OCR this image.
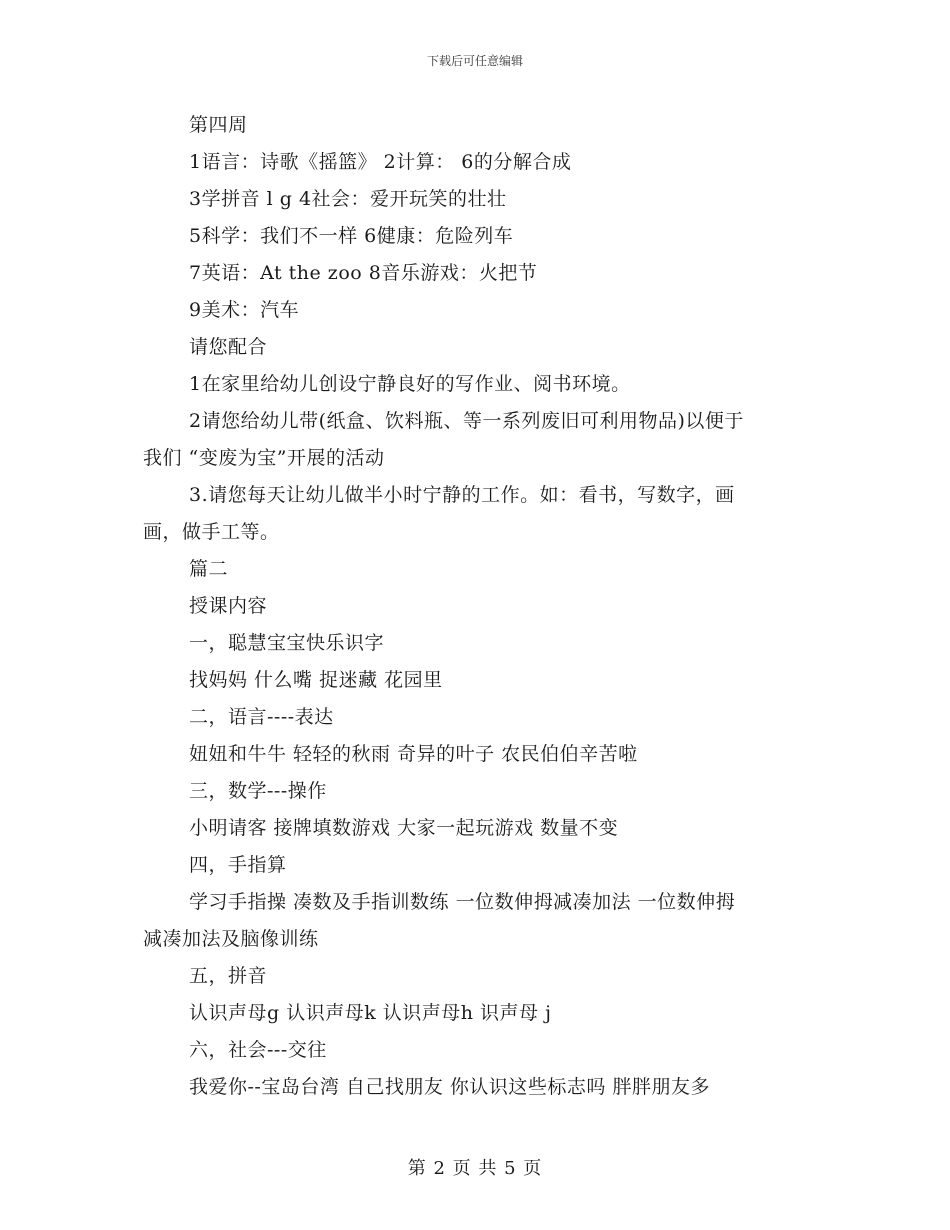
下载后可任意编辑
第四周
1语言：诗歌《摇篮》 2计算： 6的分解合成
3学拼音 l g 4社会：爱开玩笑的壮壮
5科学：我们不一样 6健康：危险列车
7英语：At the zoo 8音乐游戏：火把节
9美术：汽车
请您配合
1在家里给幼儿创设宁静良好的写作业、阅书环境。
2请您给幼儿带(纸盒、饮料瓶、等一系列废旧可利用物品)以便于
我们 “变废为宝”开展的活动
3.请您每天让幼儿做半小时宁静的工作。如：看书，写数字，画
画，做手工等。
篇二
授课内容
一，聪慧宝宝快乐识字
找妈妈 什么嘴 捉迷藏 花园里
二，语言----表达
妞妞和牛牛 轻轻的秋雨 奇异的叶子 农民伯伯辛苦啦
三，数学---操作
小明请客 接牌填数游戏 大家一起玩游戏 数量不变
四，手指算
学习手指操 凑数及手指训数练 一位数伸拇减凑加法 一位数伸拇
减凑加法及脑像训练
五，拼音
认识声母g 认识声母k 认识声母h 识声母 j
六，社会---交往
我爱你--宝岛台湾 自己找朋友 你认识这些标志吗 胖胖朋友多
第 2 页 共 5 页
